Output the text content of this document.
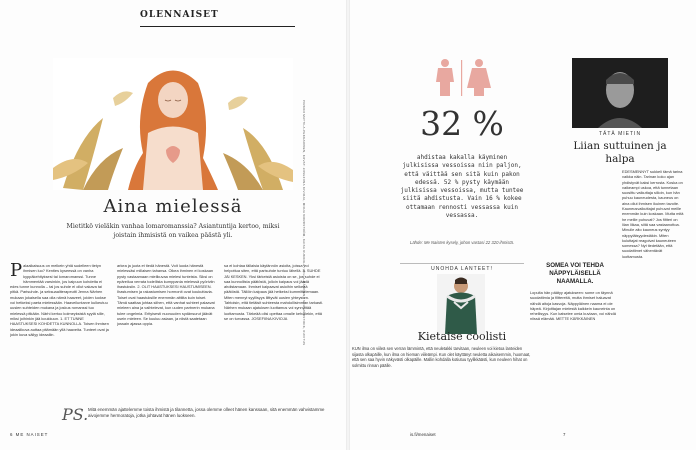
OLENNAISET
PIRKKO MATTILA-PEKKARINEN, KUVAT: JOSEFIINA KIVIOJA, MIRJA NORDSTRÖM, KAISA KUKKOLA / MILLA MÄKINEN / SHUTTERSTOCK, KUVITUS
Aina mielessä
Mietitkö vieläkin vanhaa lomaromanssia? Asiantuntija kertoo, miksi joistain ihmisistä on vaikea päästä yli.
Palaaikaisuus on melkein yhtä sudelleen tietyn ihmisen luo? Kenties kyseessä on vanha kyppäkehityksesi tai lomaromanssi. Tunne hämmentää varsinkin, jos kaipuun kohdetta ei edes tunne kunnolla – tai jos suhde ei ollut vakava tai pitkä. Parisuhde- ja seksuaaliterapeutti Jenna Närhen mukaan jokaisella saa olla nämä haaveet, joiden luokse voi hetkeksi paeta mielessään. Haaveiluntarve kulkeutuu uusien suhteiden mukana ja joskus romanssi tuo mielessä pitkään. Närhi kertoo kolmeyksistä syytä sille, miksi joihinkin jää koukkuun. 1. ET TUNNE HAASTUKSESI KOHDETTA KUNNOLLA. Toisen ihmisen ideaalikuva auttaa pitämään yllä haaveita. Tunteet ovat ja jokin kuva säilyy ideaaliin.
arkea ja juota et tiedä hänestä. Voit luoda hänestä mielessäsi millaisen tahansa. Oikea ihminen ei koskaan pysty vastaamaan mielikuvaa mielesi tunteista. Siksi on epäreilua verrata todellista kumppania mielessä pyöriviin ihastuksiin. 2. OLIT HAASTUKSESI HAUSTUMISEEN. Ihastumisen ja rakastumisen hormonit ovat koukuttavia. Toiset ovat haastuksille enemmän alttiita kuin toiset. Tämä saattaa johtaa siihen, että vanhat suhteet palaavat mieleen aina ja vaihtelevat, kun uuden partnerin mukana tulee ongelmia. Erityisesti nuoruuden sydänsurut jäävät usein mieleen. Se kuuluu asiaan, ja niistä saatetaan jossain ajassa oppia.
sa ei kohtaa tällaisia käytännön asioita, joissa voi helpottua siten, että parisuhde tuntuu lähellä. 3. SUHDE JÄI KESKEN. Yksi tärkeistä asioista on se, jos suhde ei saa kunnollista päätöstä, jolloin kaipaus voi jäädä ahdistamaan. Ihmiset kaipaavat asioihin selkeää päätöstä. Tällöin kaipaus jää hetkeksi kummittelemaan. Miten mennyt syyllisyys liittyvät uusien yhteysten. Tahtoisin, että tietäisit suhteesta mahdollisimman tarkasti. Närhen mukaan ajatuksen luottamus voi synnyttää luottamusta. Tärkeää olisi opettaa omalle kehollekin, että se on turvassa. JOSEFIINA KIVIOJA
PS. Mitä enemmän ajattelemme toista ihmistä ja tilannetta, jossa olemme olleet hänen kanssaan, sitä enemmän vahvistamme aivojemme hermoratoja, jotka johtavat hänen luokseen.
6 ME NAISET	is.fi/menaiset	7
32 %
ahdistaa kakalla käyminen julkisissa vessoissa niin paljon, että väittää sen sitä kuin pakon edessä. 52 % pysty käymään julkisissa vessoissa, mutta tuntee siitä ahdistusta. Vain 16 % kokee ottamaan rennosti vessassa kuin vessassa.
Lähde: Me Naisten kysely, johon vastasi 22 320 ihmistä.
UNOHDA LANTEET!
Kietaise coolisti
KUN ilma on viileä sen verran lämmintä, että neuletakki tarvitaan, neuleen voi kietoa lanteiden sijasta olkapäille, kun ilma on hieman viileämpi. Kun olet käyttänyt neuletta aikaisemmin, huomaat, että sen saa hyvin näkyvästi olkapäille. Mallin kohdalla kotiutuu tyylikkäästi, kun neuleen hihat on solmittu rinnan päälle.
TÄTÄ MIETIN
Liian suttuinen ja halpa
SOMEA VOI TEHDÄ NÄPPYLÄISELLÄ NAAMALLA.

Lopulta hän päätyy ajatukseen: some on täynnä suodattimia ja filttereitä, mutta ihmiset haluavat nähdä aitoja kasvoja. Näppyläinen naama ei ole häpeä. Kirjoittajan mielestä kaikkein kauneinta on rehellisyys. Kun katselee omia kuviaan, voi nähdä niissä elämää. METTE KÄRKKÄINEN

EDESMENNYT sukkeli tämä tarina vaikka näin. Tarinan koko ajan yhdistyvät kaksi kerrosta. Koska on vaikeampi uskoa, että tunnetaan suosittu vaikuttaja silloin, kun hän puhuu kauneudesta, kauneus on aina ollut ihmisen ikuinen tavoite. Kauneusvaikuttajat puhuvat meille enemmän kuin koskaan. Mutta mitä he meille puhuvat? Jos filtteri on liian liikaa, siitä saa vastaanottoa. Minulle aito kauneus syntyy näppyläisyydestäkin. Miten kuluttajat reagoivat kauneuteen somessa? Nyt tiedetään, että suodattimet vähentävät luottamusta.
